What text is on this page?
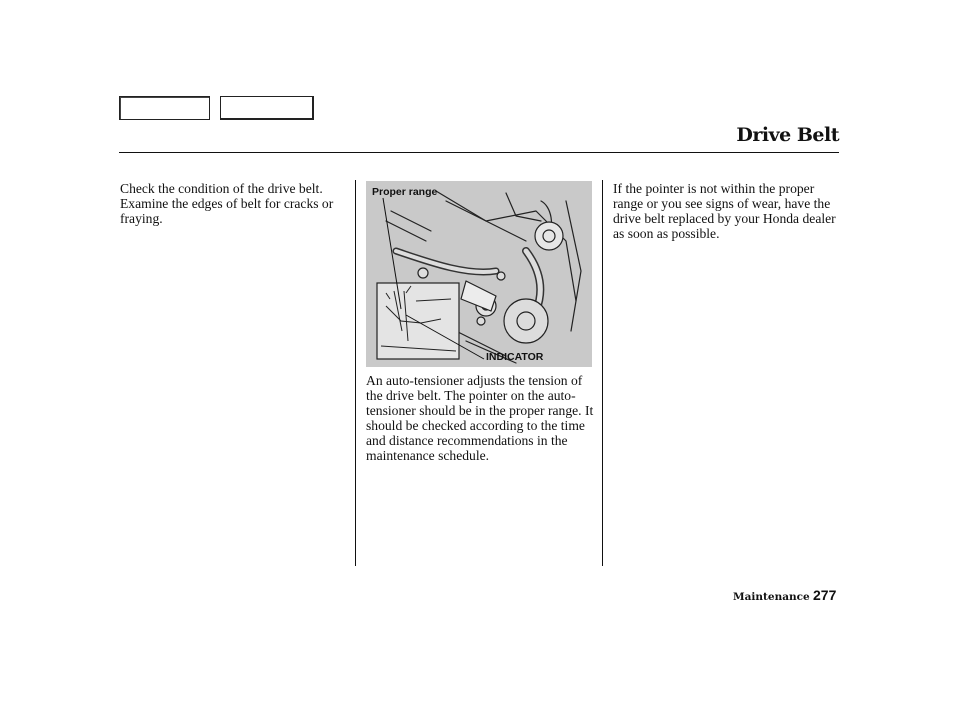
Drive Belt
Check the condition of the drive belt. Examine the edges of belt for cracks or fraying.
Proper range
INDICATOR
An auto-tensioner adjusts the tension of the drive belt. The pointer on the auto-tensioner should be in the proper range. It should be checked according to the time and distance recommendations in the maintenance schedule.
If the pointer is not within the proper range or you see signs of wear, have the drive belt replaced by your Honda dealer as soon as possible.
Maintenance 277
